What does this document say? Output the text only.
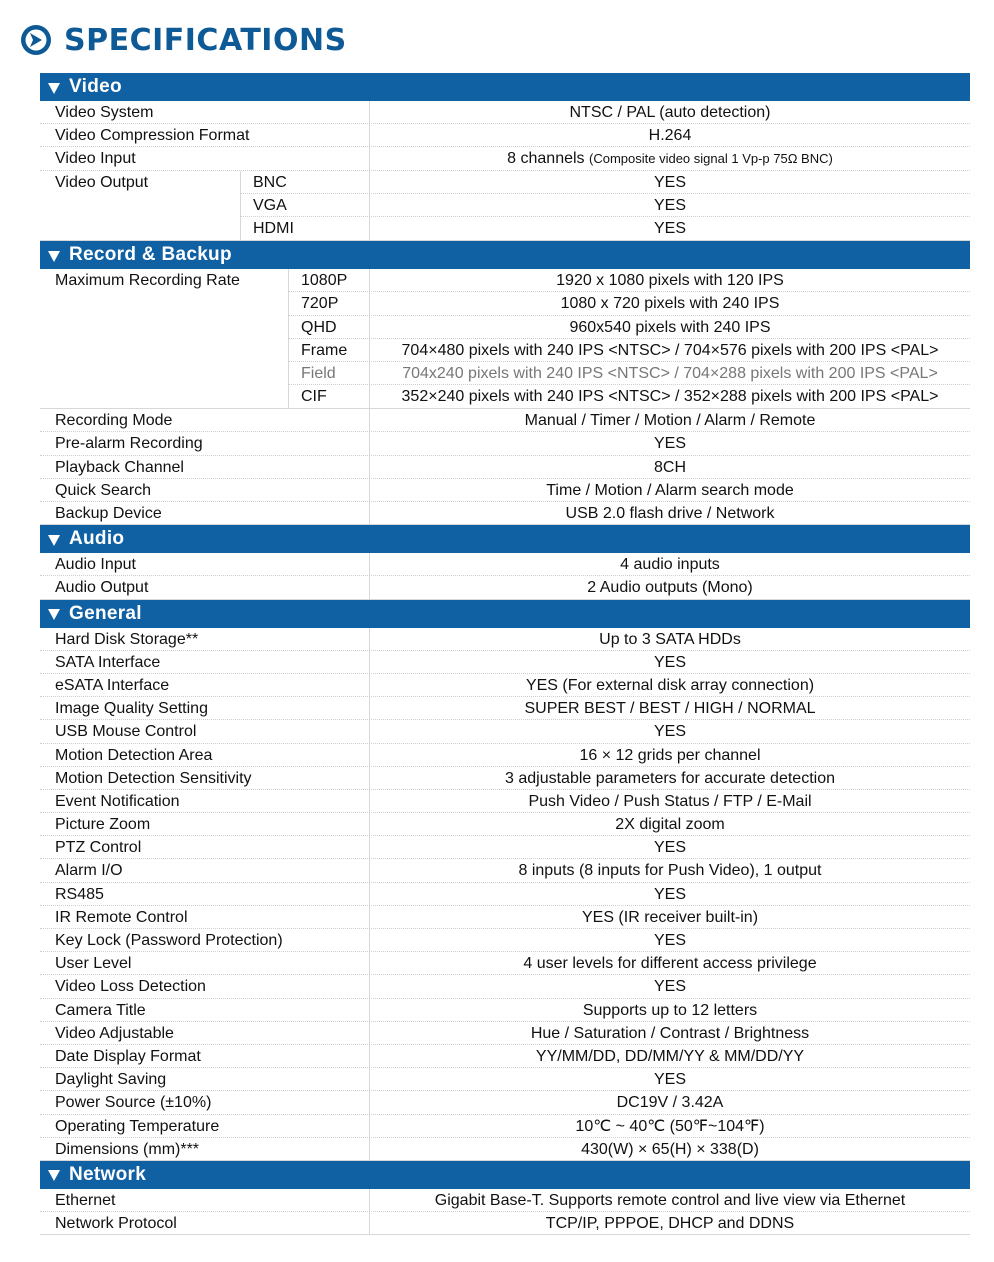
SPECIFICATIONS
Video
Video System	NTSC / PAL (auto detection)
Video Compression Format	H.264
Video Input	8 channels (Composite video signal 1 Vp-p 75Ω BNC)
Video Output	BNC	YES
VGA	YES
HDMI	YES
Record & Backup
Maximum Recording Rate	1080P	1920 x 1080 pixels with 120 IPS
720P	1080 x 720 pixels with 240 IPS
QHD	960x540 pixels with 240 IPS
Frame	704×480 pixels with 240 IPS <NTSC> / 704×576 pixels with 200 IPS <PAL>
Field	704x240 pixels with 240 IPS <NTSC> / 704×288 pixels with 200 IPS <PAL>
CIF	352×240 pixels with 240 IPS <NTSC> / 352×288 pixels with 200 IPS <PAL>
Recording Mode	Manual / Timer / Motion / Alarm / Remote
Pre-alarm Recording	YES
Playback Channel	8CH
Quick Search	Time / Motion / Alarm search mode
Backup Device	USB 2.0 flash drive / Network
Audio
Audio Input	4 audio inputs
Audio Output	2 Audio outputs (Mono)
General
Hard Disk Storage**	Up to 3 SATA HDDs
SATA Interface	YES
eSATA Interface	YES (For external disk array connection)
Image Quality Setting	SUPER BEST / BEST / HIGH / NORMAL
USB Mouse Control	YES
Motion Detection Area	16 × 12 grids per channel
Motion Detection Sensitivity	3 adjustable parameters for accurate detection
Event Notification	Push Video / Push Status / FTP / E-Mail
Picture Zoom	2X digital zoom
PTZ Control	YES
Alarm I/O	8 inputs (8 inputs for Push Video), 1 output
RS485	YES
IR Remote Control	YES (IR receiver built-in)
Key Lock (Password Protection)	YES
User Level	4 user levels for different access privilege
Video Loss Detection	YES
Camera Title	Supports up to 12 letters
Video Adjustable	Hue / Saturation / Contrast / Brightness
Date Display Format	YY/MM/DD, DD/MM/YY & MM/DD/YY
Daylight Saving	YES
Power Source (±10%)	DC19V / 3.42A
Operating Temperature	10℃ ~ 40℃ (50℉~104℉)
Dimensions (mm)***	430(W) × 65(H) × 338(D)
Network
Ethernet	Gigabit Base-T. Supports remote control and live view via Ethernet
Network Protocol	TCP/IP, PPPOE, DHCP and DDNS
